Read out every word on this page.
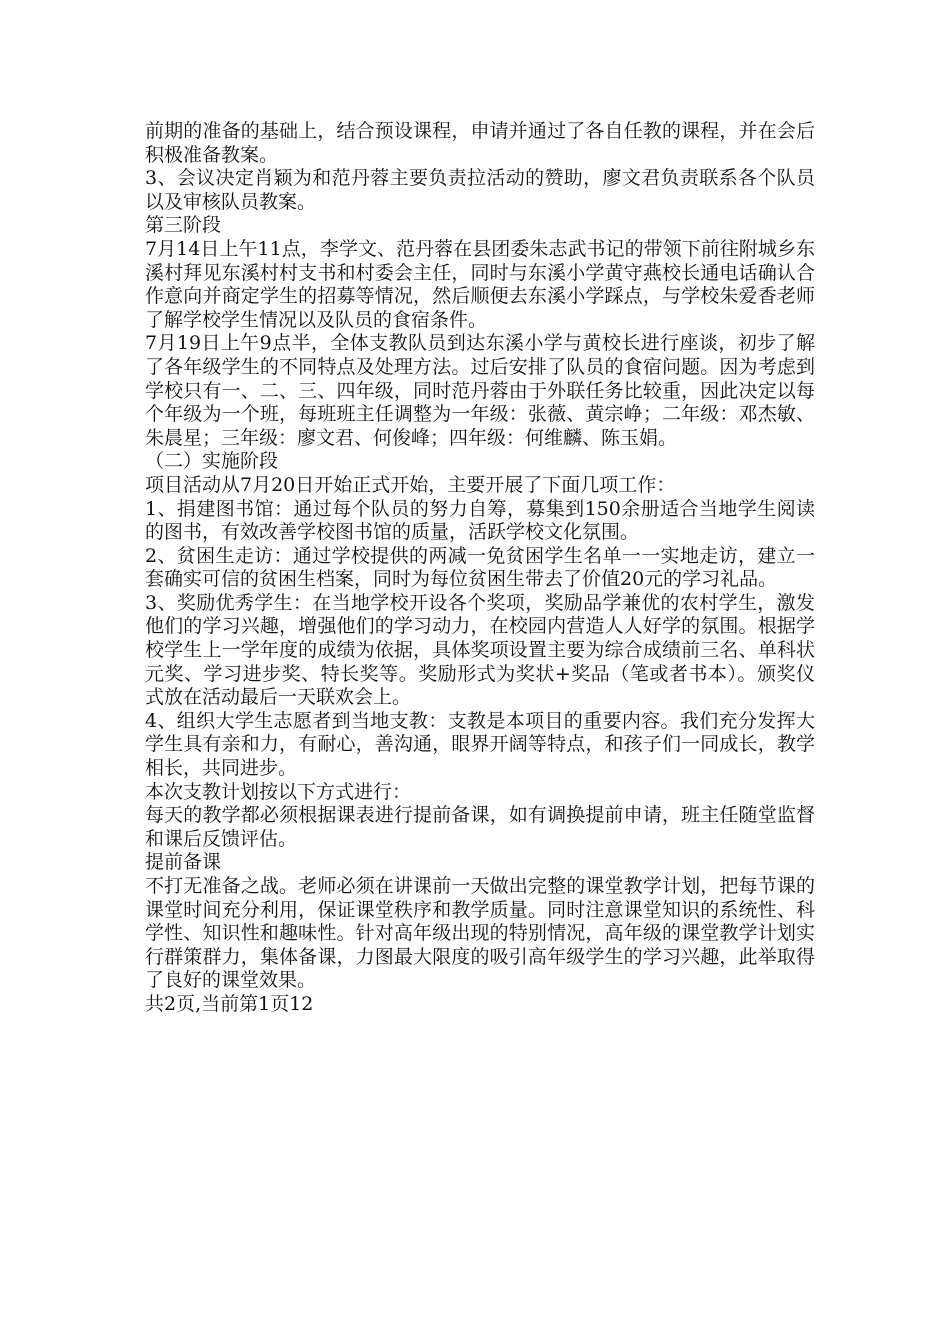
前期的准备的基础上，结合预设课程，申请并通过了各自任教的课程，并在会后积极准备教案。

3、会议决定肖颖为和范丹蓉主要负责拉活动的赞助，廖文君负责联系各个队员以及审核队员教案。

第三阶段

7月14日上午11点，李学文、范丹蓉在县团委朱志武书记的带领下前往附城乡东溪村拜见东溪村村支书和村委会主任，同时与东溪小学黄守燕校长通电话确认合作意向并商定学生的招募等情况，然后顺便去东溪小学踩点，与学校朱爱香老师了解学校学生情况以及队员的食宿条件。

7月19日上午9点半，全体支教队员到达东溪小学与黄校长进行座谈，初步了解了各年级学生的不同特点及处理方法。过后安排了队员的食宿问题。因为考虑到学校只有一、二、三、四年级，同时范丹蓉由于外联任务比较重，因此决定以每个年级为一个班，每班班主任调整为一年级：张薇、黄宗峥；二年级：邓杰敏、朱晨星；三年级：廖文君、何俊峰；四年级：何维麟、陈玉娟。

（二）实施阶段

项目活动从7月20日开始正式开始，主要开展了下面几项工作：

1、捐建图书馆：通过每个队员的努力自筹，募集到150余册适合当地学生阅读的图书，有效改善学校图书馆的质量，活跃学校文化氛围。

2、贫困生走访：通过学校提供的两减一免贫困学生名单一一实地走访，建立一套确实可信的贫困生档案，同时为每位贫困生带去了价值20元的学习礼品。

3、奖励优秀学生：在当地学校开设各个奖项，奖励品学兼优的农村学生，激发他们的学习兴趣，增强他们的学习动力，在校园内营造人人好学的氛围。根据学校学生上一学年度的成绩为依据，具体奖项设置主要为综合成绩前三名、单科状元奖、学习进步奖、特长奖等。奖励形式为奖状+奖品（笔或者书本）。颁奖仪式放在活动最后一天联欢会上。

4、组织大学生志愿者到当地支教：支教是本项目的重要内容。我们充分发挥大学生具有亲和力，有耐心，善沟通，眼界开阔等特点，和孩子们一同成长，教学相长，共同进步。

本次支教计划按以下方式进行：

每天的教学都必须根据课表进行提前备课，如有调换提前申请，班主任随堂监督和课后反馈评估。

提前备课

不打无准备之战。老师必须在讲课前一天做出完整的课堂教学计划，把每节课的课堂时间充分利用，保证课堂秩序和教学质量。同时注意课堂知识的系统性、科学性、知识性和趣味性。针对高年级出现的特别情况，高年级的课堂教学计划实行群策群力，集体备课，力图最大限度的吸引高年级学生的学习兴趣，此举取得了良好的课堂效果。

共2页,当前第1页12
